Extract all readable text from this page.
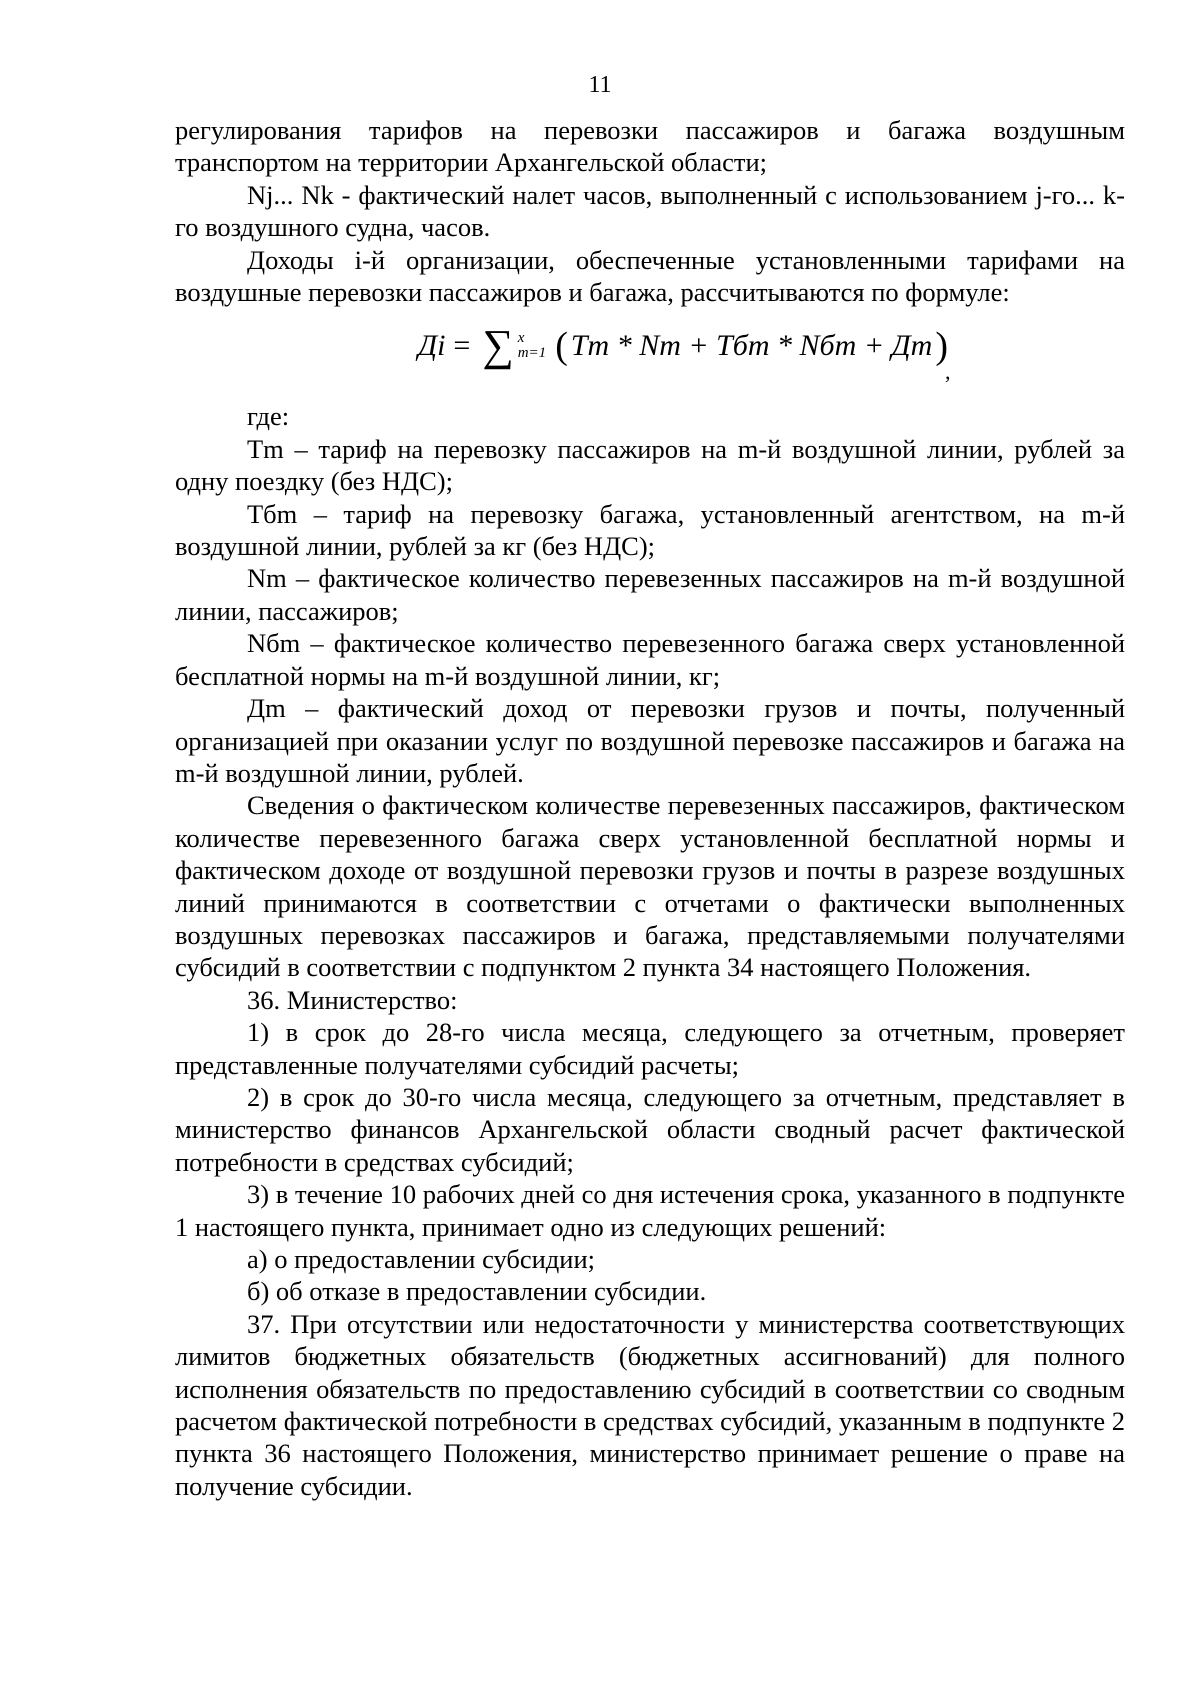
11

регулирования тарифов на перевозки пассажиров и багажа воздушным транспортом на территории Архангельской области;

Nj... Nk - фактический налет часов, выполненный с использованием j-го... k-го воздушного судна, часов.

Доходы i-й организации, обеспеченные установленными тарифами на воздушные перевозки пассажиров и багажа, рассчитываются по формуле:

Дi = ∑ x
m=1 ( Tm * Nm + Tбm * Nбm + Дm )
,

где:

Tm – тариф на перевозку пассажиров на m-й воздушной линии, рублей за одну поездку (без НДС);

Тбm – тариф на перевозку багажа, установленный агентством, на m-й воздушной линии, рублей за кг (без НДС);

Nm – фактическое количество перевезенных пассажиров на m-й воздушной линии, пассажиров;

Nбm – фактическое количество перевезенного багажа сверх установленной бесплатной нормы на m-й воздушной линии, кг;

Дm – фактический доход от перевозки грузов и почты, полученный организацией при оказании услуг по воздушной перевозке пассажиров и багажа на m-й воздушной линии, рублей.

Сведения о фактическом количестве перевезенных пассажиров, фактическом количестве перевезенного багажа сверх установленной бесплатной нормы и фактическом доходе от воздушной перевозки грузов и почты в разрезе воздушных линий принимаются в соответствии с отчетами о фактически выполненных воздушных перевозках пассажиров и багажа, представляемыми получателями субсидий в соответствии с подпунктом 2 пункта 34 настоящего Положения.

36. Министерство:

1) в срок до 28-го числа месяца, следующего за отчетным, проверяет представленные получателями субсидий расчеты;

2) в срок до 30-го числа месяца, следующего за отчетным, представляет в министерство финансов Архангельской области сводный расчет фактической потребности в средствах субсидий;

3) в течение 10 рабочих дней со дня истечения срока, указанного в подпункте 1 настоящего пункта, принимает одно из следующих решений:

а) о предоставлении субсидии;

б) об отказе в предоставлении субсидии.

37. При отсутствии или недостаточности у министерства соответствующих лимитов бюджетных обязательств (бюджетных ассигнований) для полного исполнения обязательств по предоставлению субсидий в соответствии со сводным расчетом фактической потребности в средствах субсидий, указанным в подпункте 2 пункта 36 настоящего Положения, министерство принимает решение о праве на получение субсидии.
